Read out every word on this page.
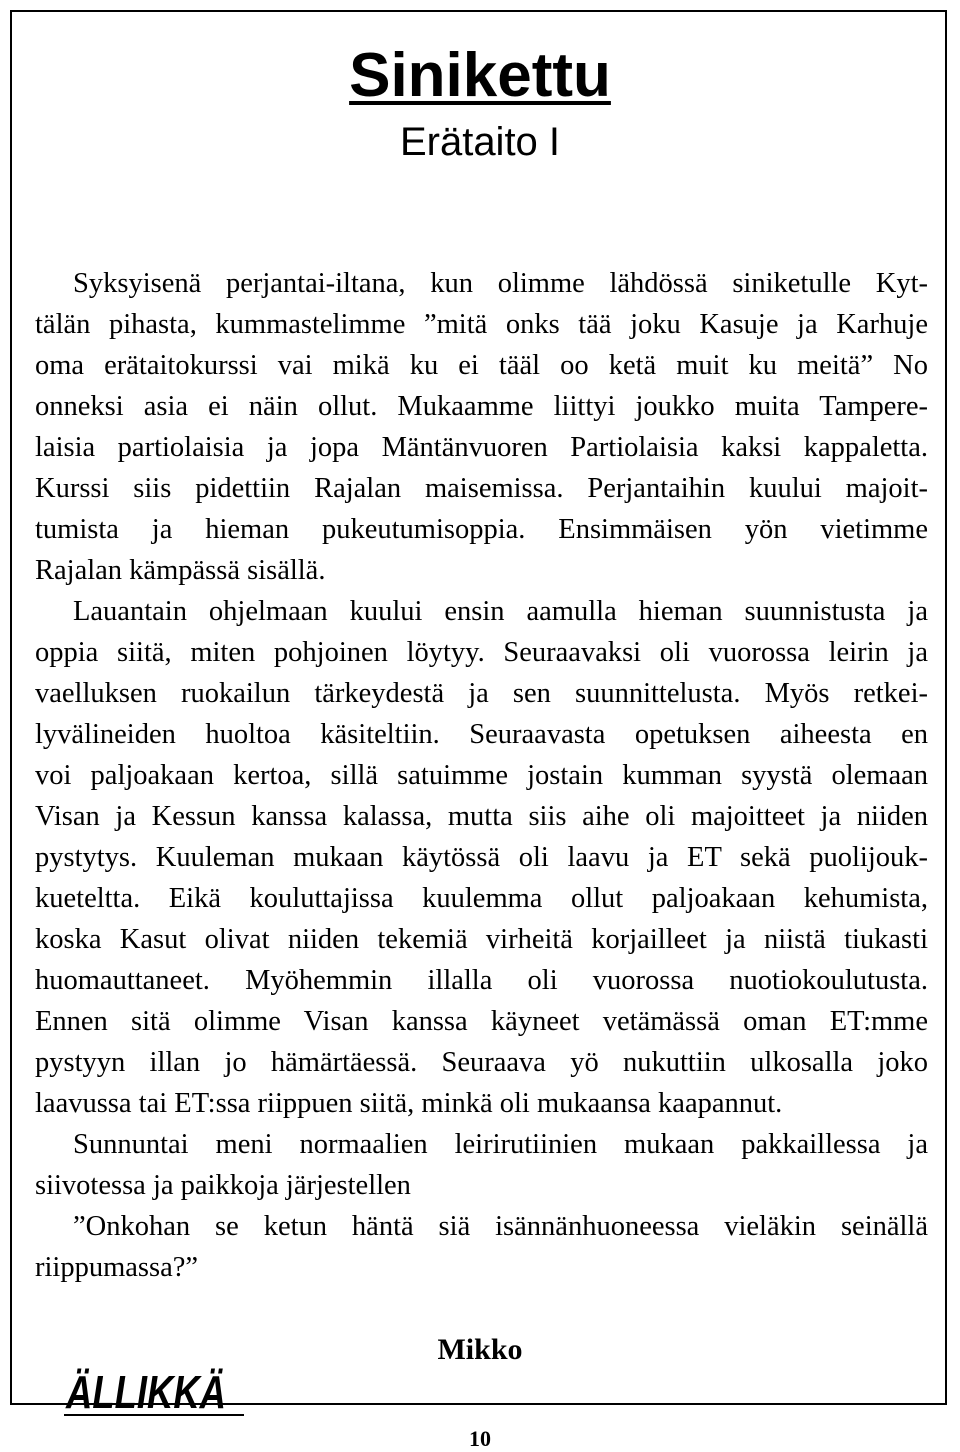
Sinikettu
Erätaito I
Syksyisenä perjantai-iltana, kun olimme lähdössä siniketulle Kyt-
tälän pihasta, kummastelimme ”mitä onks tää joku Kasuje ja Karhuje
oma erätaitokurssi vai mikä ku ei tääl oo ketä muit ku meitä” No
onneksi asia ei näin ollut. Mukaamme liittyi joukko muita Tampere-
laisia partiolaisia ja jopa Mäntänvuoren Partiolaisia kaksi kappaletta.
Kurssi siis pidettiin Rajalan maisemissa. Perjantaihin kuului majoit-
tumista ja hieman pukeutumisoppia. Ensimmäisen yön vietimme
Rajalan kämpässä sisällä.
Lauantain ohjelmaan kuului ensin aamulla hieman suunnistusta ja
oppia siitä, miten pohjoinen löytyy. Seuraavaksi oli vuorossa leirin ja
vaelluksen ruokailun tärkeydestä ja sen suunnittelusta. Myös retkei-
lyvälineiden huoltoa käsiteltiin. Seuraavasta opetuksen aiheesta en
voi paljoakaan kertoa, sillä satuimme jostain kumman syystä olemaan
Visan ja Kessun kanssa kalassa, mutta siis aihe oli majoitteet ja niiden
pystytys. Kuuleman mukaan käytössä oli laavu ja ET sekä puolijouk-
kueteltta. Eikä kouluttajissa kuulemma ollut paljoakaan kehumista,
koska Kasut olivat niiden tekemiä virheitä korjailleet ja niistä tiukasti
huomauttaneet. Myöhemmin illalla oli vuorossa nuotiokoulutusta.
Ennen sitä olimme Visan kanssa käyneet vetämässä oman ET:mme
pystyyn illan jo hämärtäessä. Seuraava yö nukuttiin ulkosalla joko
laavussa tai ET:ssa riippuen siitä, minkä oli mukaansa kaapannut.
Sunnuntai meni normaalien leirirutiinien mukaan pakkaillessa ja
siivotessa ja paikkoja järjestellen
”Onkohan se ketun häntä siä isännänhuoneessa vieläkin seinällä
riippumassa?”
Mikko
ÄLLIKKÄ
10
